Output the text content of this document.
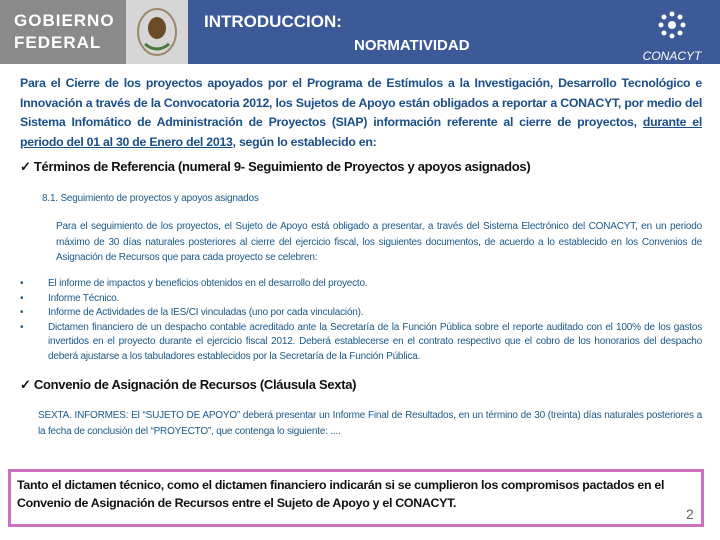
GOBIERNO
FEDERAL
INTRODUCCION:
NORMATIVIDAD
CONACYT

Para el Cierre de los proyectos apoyados por el Programa de Estímulos a la Investigación, Desarrollo Tecnológico e Innovación a través de la Convocatoria 2012, los Sujetos de Apoyo están obligados a reportar a CONACYT, por medio del Sistema Infomático de Administración de Proyectos (SIAP) información referente al cierre de proyectos, durante el periodo del 01 al 30 de Enero del 2013, según lo establecido en:

✓ Términos de Referencia (numeral 9- Seguimiento de Proyectos y apoyos asignados)
8.1. Seguimiento de proyectos y apoyos asignados

Para el seguimiento de los proyectos, el Sujeto de Apoyo está obligado a presentar, a través del Sistema Electrónico del CONACYT, en un periodo máximo de 30 días naturales posteriores al cierre del ejercicio fiscal, los siguientes documentos, de acuerdo a lo establecido en los Convenios de Asignación de Recursos que para cada proyecto se celebren:

• El informe de impactos y beneficios obtenidos en el desarrollo del proyecto.
• Informe Técnico.
• Informe de Actividades de la IES/CI vinculadas (uno por cada vinculación).
• Dictamen financiero de un despacho contable acreditado ante la Secretaría de la Función Pública sobre el reporte auditado con el 100% de los gastos invertidos en el proyecto durante el ejercicio fiscal 2012. Deberá establecerse en el contrato respectivo que el cobro de los honorarios del despacho deberá ajustarse a los tabuladores establecidos por la Secretaría de la Función Pública.
✓ Convenio de Asignación de Recursos (Cláusula Sexta)

SEXTA. INFORMES: El “SUJETO DE APOYO” deberá presentar un Informe Final de Resultados, en un término de 30 (treinta) días naturales posteriores a la fecha de conclusión del “PROYECTO”, que contenga lo siguiente: ....

Tanto el dictamen técnico, como el dictamen financiero indicarán si se cumplieron los compromisos pactados en el Convenio de Asignación de Recursos entre el Sujeto de Apoyo y el CONACYT.
2
